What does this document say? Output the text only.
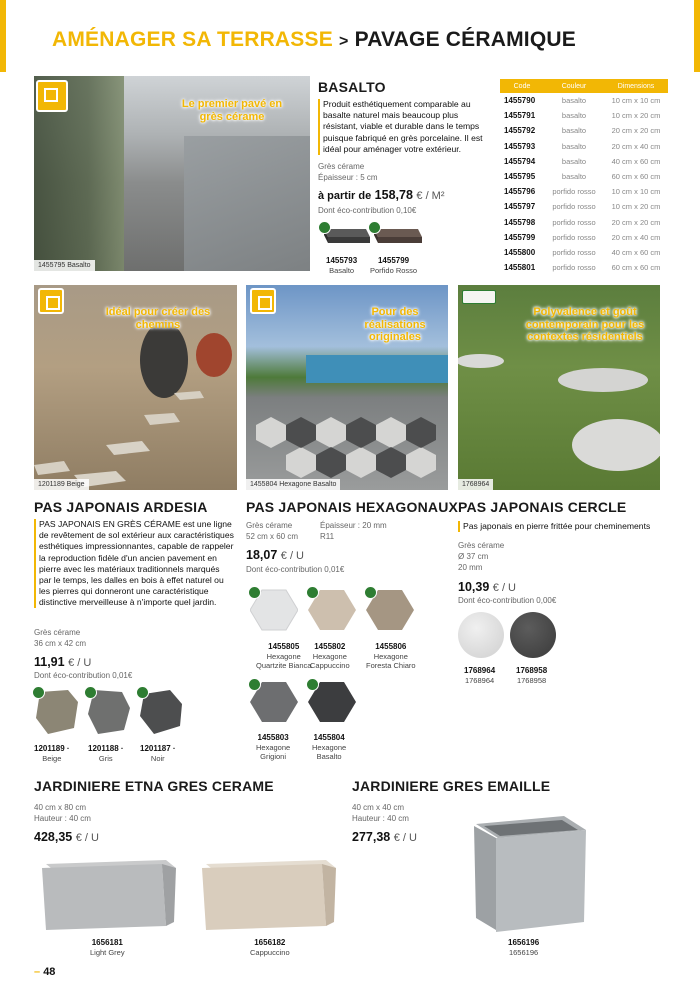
AMÉNAGER SA TERRASSE > PAVAGE CÉRAMIQUE
1455795 Basalto
Le premier pavé en grès cérame
BASALTO
Produit esthétiquement comparable au basalte naturel mais beaucoup plus résistant, viable et durable dans le temps puisque fabriqué en grès porcelaine. Il est idéal pour aménager votre extérieur.
Grès cérame
Épaisseur : 5 cm
à partir de 158,78 € / M²
Dont éco-contribution 0,10€
1455793
Basalto
1455799
Porfido Rosso
Code	Couleur	Dimensions
1455790	basalto	10 cm x 10 cm
1455791	basalto	10 cm x 20 cm
1455792	basalto	20 cm x 20 cm
1455793	basalto	20 cm x 40 cm
1455794	basalto	40 cm x 60 cm
1455795	basalto	60 cm x 60 cm
1455796	porfido rosso	10 cm x 10 cm
1455797	porfido rosso	10 cm x 20 cm
1455798	porfido rosso	20 cm x 20 cm
1455799	porfido rosso	20 cm x 40 cm
1455800	porfido rosso	40 cm x 60 cm
1455801	porfido rosso	60 cm x 60 cm
1201189 Beige
Idéal pour créer des chemins
PAS JAPONAIS ARDESIA
PAS JAPONAIS EN GRÈS CÉRAME est une ligne de revêtement de sol extérieur aux caractéristiques esthétiques impressionnantes, capable de rappeler la reproduction fidèle d'un ancien pavement en pierre avec les matériaux traditionnels marqués par le temps, les dalles en bois à effet naturel ou les pierres qui donneront une caractéristique distinctive merveilleuse à n'importe quel jardin.
Grès cérame
36 cm x 42 cm
11,91 € / U
Dont éco-contribution 0,01€
1201189 ·
Beige
1201188 ·
Gris
1201187 ·
Noir
1455804 Hexagone Basalto
Pour des réalisations originales
PAS JAPONAIS HEXAGONAUX
Grès cérame
52 cm x 60 cm
Épaisseur : 20 mm
R11
18,07 € / U
Dont éco-contribution 0,01€
1455805
Hexagone
Quartzite Bianca
1455802
Hexagone
Cappuccino
1455806
Hexagone
Foresta Chiaro
1455803
Hexagone
Grigioni
1455804
Hexagone
Basalto
1768964
Polyvalence et goût contemporain pour les contextes résidentiels
PAS JAPONAIS CERCLE
Pas japonais en pierre frittée pour cheminements
Grès cérame
Ø 37 cm
20 mm
10,39 € / U
Dont éco-contribution 0,00€
1768964
1768964
1768958
1768958
JARDINIERE ETNA GRES CERAME
40 cm x 80 cm
Hauteur : 40 cm
428,35 € / U
1656181
Light Grey
1656182
Cappuccino
JARDINIERE GRES EMAILLE
40 cm x 40 cm
Hauteur : 40 cm
277,38 € / U
1656196
1656196
– 48
